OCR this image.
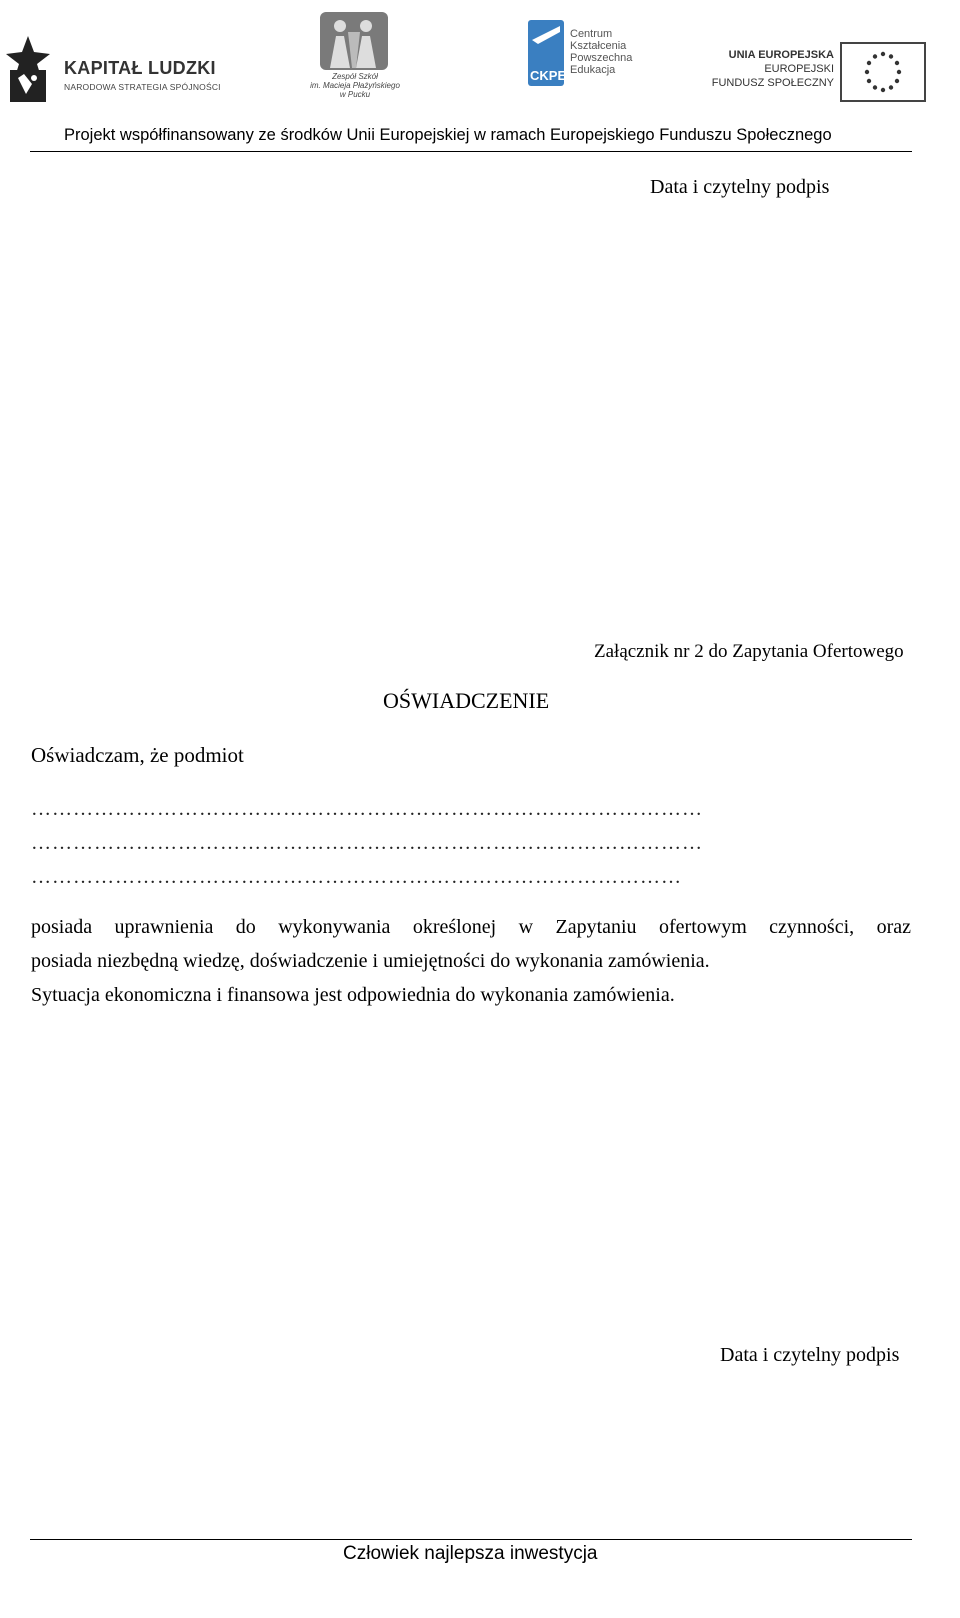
KAPITAŁ LUDZKI
NARODOWA STRATEGIA SPÓJNOŚCI
Zespół Szkół
im. Macieja Płażyńskiego
w Pucku
CKPE
Centrum
Kształcenia
Powszechna
Edukacja
UNIA EUROPEJSKA
EUROPEJSKI
FUNDUSZ SPOŁECZNY
Projekt współfinansowany ze środków Unii Europejskiej w ramach Europejskiego Funduszu Społecznego
Data i czytelny podpis
Załącznik nr 2 do Zapytania Ofertowego
OŚWIADCZENIE
Oświadczam, że podmiot
……………………………………………………………………………………
……………………………………………………………………………………
…………………………………………………………………………………
posiada uprawnienia do wykonywania określonej w Zapytaniu ofertowym czynności, oraz
posiada niezbędną wiedzę, doświadczenie i umiejętności do wykonania zamówienia.
Sytuacja ekonomiczna i finansowa jest odpowiednia do wykonania zamówienia.
Data i czytelny podpis
Człowiek najlepsza inwestycja
